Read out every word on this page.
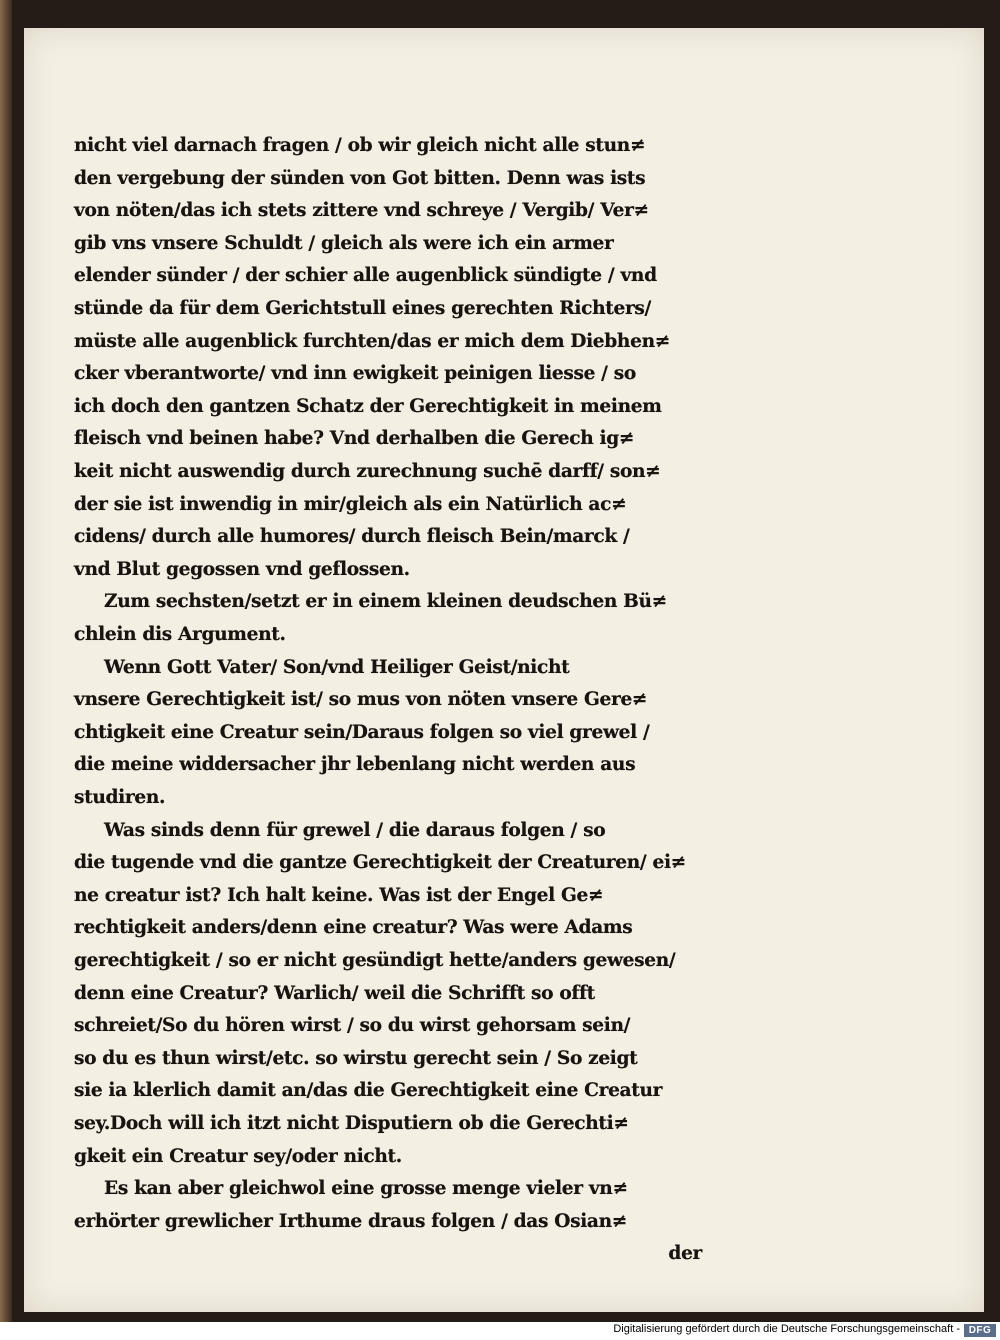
nicht viel darnach fragen / ob wir gleich nicht alle stun≠
den vergebung der sünden von Got bitten. Denn was ists
von nöten/das ich stets zittere vnd schreye / Vergib/ Ver≠
gib vns vnsere Schuldt / gleich als were ich ein armer
elender sünder / der schier alle augenblick sündigte / vnd
stünde da für dem Gerichtstull eines gerechten Richters/
müste alle augenblick furchten/das er mich dem Diebhen≠
cker vberantworte/ vnd inn ewigkeit peinigen liesse / so
ich doch den gantzen Schatz der Gerechtigkeit in meinem
fleisch vnd beinen habe? Vnd derhalben die Gerech ig≠
keit nicht auswendig durch zurechnung suchē darff/ son≠
der sie ist inwendig in mir/gleich als ein Natürlich ac≠
cidens/ durch alle humores/ durch fleisch Bein/marck /
vnd Blut gegossen vnd geflossen.
Zum sechsten/setzt er in einem kleinen deudschen Bü≠
chlein dis Argument.
Wenn Gott Vater/ Son/vnd Heiliger Geist/nicht
vnsere Gerechtigkeit ist/ so mus von nöten vnsere Gere≠
chtigkeit eine Creatur sein/Daraus folgen so viel grewel /
die meine widdersacher jhr lebenlang nicht werden aus
studiren.
Was sinds denn für grewel / die daraus folgen / so
die tugende vnd die gantze Gerechtigkeit der Creaturen/ ei≠
ne creatur ist? Ich halt keine. Was ist der Engel Ge≠
rechtigkeit anders/denn eine creatur? Was were Adams
gerechtigkeit / so er nicht gesündigt hette/anders gewesen/
denn eine Creatur? Warlich/ weil die Schrifft so offt
schreiet/So du hören wirst / so du wirst gehorsam sein/
so du es thun wirst/etc. so wirstu gerecht sein / So zeigt
sie ia klerlich damit an/das die Gerechtigkeit eine Creatur
sey.Doch will ich itzt nicht Disputiern ob die Gerechti≠
gkeit ein Creatur sey/oder nicht.
Es kan aber gleichwol eine grosse menge vieler vn≠
erhörter grewlicher Irthume draus folgen / das Osian≠
der
Digitalisierung gefördert durch die Deutsche Forschungsgemeinschaft - DFG
